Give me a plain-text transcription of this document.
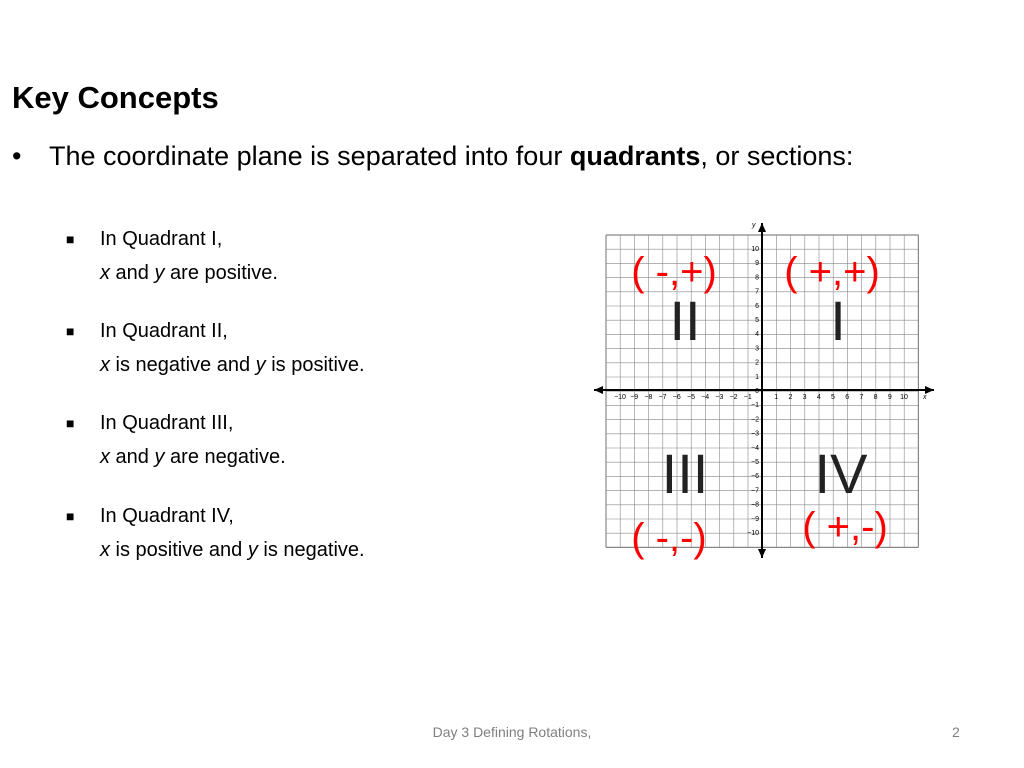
Key Concepts
• The coordinate plane is separated into four quadrants, or sections:
■ In Quadrant I,
x and y are positive.
■ In Quadrant II,
x is negative and y is positive.
■ In Quadrant III,
x and y are negative.
■ In Quadrant IV,
x is positive and y is negative.
x
y
−10 −9 −8 −7 −6 −5 −4 −3 −2 −1	1 2 3 4 5 6 7 8 9 10
10
9
8
7
6
5
4
3
2
1
0
−1
−2
−3
−4
−5
−6
−7
−8
−9
−10
I
II
III IV
( +,+)
( -,+)
( -,-) ( +,-)
Day 3 Defining Rotations,	2
